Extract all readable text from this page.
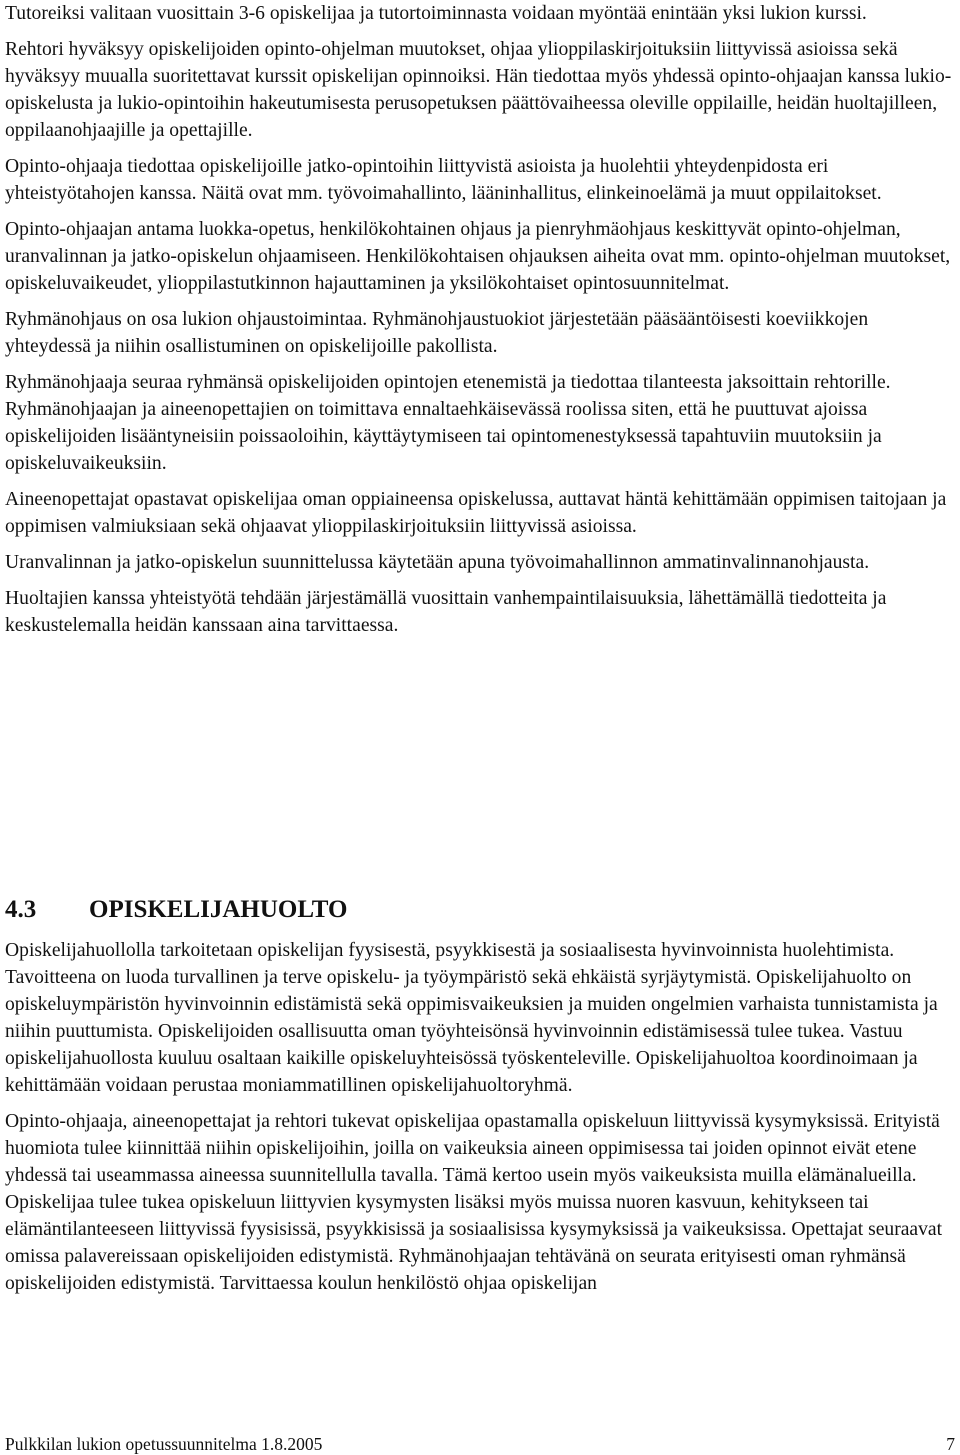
Tutoreiksi valitaan vuosittain 3-6 opiskelijaa ja tutortoiminnasta voidaan myöntää enintään yksi lukion kurssi.

Rehtori hyväksyy opiskelijoiden opinto-ohjelman muutokset, ohjaa ylioppilaskirjoituksiin liittyvissä asioissa sekä hyväksyy muualla suoritettavat kurssit opiskelijan opinnoiksi. Hän tiedottaa myös yhdessä opinto-ohjaajan kanssa lukio-opiskelusta ja lukio-opintoihin hakeutumisesta perusopetuksen päättövaiheessa oleville oppilaille, heidän huoltajilleen, oppilaanohjaajille ja opettajille.

Opinto-ohjaaja tiedottaa opiskelijoille jatko-opintoihin liittyvistä asioista ja huolehtii yhteydenpidosta eri yhteistyötahojen kanssa. Näitä ovat mm. työvoimahallinto, lääninhallitus, elinkeinoelämä ja muut oppilaitokset.

Opinto-ohjaajan antama luokka-opetus, henkilökohtainen ohjaus ja pienryhmäohjaus keskittyvät opinto-ohjelman, uranvalinnan ja jatko-opiskelun ohjaamiseen. Henkilökohtaisen ohjauksen aiheita ovat mm. opinto-ohjelman muutokset, opiskeluvaikeudet, ylioppilastutkinnon hajauttaminen ja yksilökohtaiset opintosuunnitelmat.

Ryhmänohjaus on osa lukion ohjaustoimintaa. Ryhmänohjaustuokiot järjestetään pääsääntöisesti koeviikkojen yhteydessä ja niihin osallistuminen on opiskelijoille pakollista.

Ryhmänohjaaja seuraa ryhmänsä opiskelijoiden opintojen etenemistä ja tiedottaa tilanteesta jaksoittain rehtorille. Ryhmänohjaajan ja aineenopettajien on toimittava ennaltaehkäisevässä roolissa siten, että he puuttuvat ajoissa opiskelijoiden lisääntyneisiin poissaoloihin, käyttäytymiseen tai opintomenestyksessä tapahtuviin muutoksiin ja opiskeluvaikeuksiin.

Aineenopettajat opastavat opiskelijaa oman oppiaineensa opiskelussa, auttavat häntä kehittämään oppimisen taitojaan ja oppimisen valmiuksiaan sekä ohjaavat ylioppilaskirjoituksiin liittyvissä asioissa.

Uranvalinnan ja jatko-opiskelun suunnittelussa käytetään apuna työvoimahallinnon ammatinvalinnanohjausta.

Huoltajien kanssa yhteistyötä tehdään järjestämällä vuosittain vanhempaintilaisuuksia, lähettämällä tiedotteita ja keskustelemalla heidän kanssaan aina tarvittaessa.

4.3 OPISKELIJAHUOLTO

Opiskelijahuollolla tarkoitetaan opiskelijan fyysisestä, psyykkisestä ja sosiaalisesta hyvinvoinnista huolehtimista. Tavoitteena on luoda turvallinen ja terve opiskelu- ja työympäristö sekä ehkäistä syrjäytymistä. Opiskelijahuolto on opiskeluympäristön hyvinvoinnin edistämistä sekä oppimisvaikeuksien ja muiden ongelmien varhaista tunnistamista ja niihin puuttumista. Opiskelijoiden osallisuutta oman työyhteisönsä hyvinvoinnin edistämisessä tulee tukea. Vastuu opiskelijahuollosta kuuluu osaltaan kaikille opiskeluyhteisössä työskenteleville. Opiskelijahuoltoa koordinoimaan ja kehittämään voidaan perustaa moniammatillinen opiskelijahuoltoryhmä.

Opinto-ohjaaja, aineenopettajat ja rehtori tukevat opiskelijaa opastamalla opiskeluun liittyvissä kysymyksissä. Erityistä huomiota tulee kiinnittää niihin opiskelijoihin, joilla on vaikeuksia aineen oppimisessa tai joiden opinnot eivät etene yhdessä tai useammassa aineessa suunnitellulla tavalla. Tämä kertoo usein myös vaikeuksista muilla elämänalueilla. Opiskelijaa tulee tukea opiskeluun liittyvien kysymysten lisäksi myös muissa nuoren kasvuun, kehitykseen tai elämäntilanteeseen liittyvissä fyysisissä, psyykkisissä ja sosiaalisissa kysymyksissä ja vaikeuksissa. Opettajat seuraavat omissa palavereissaan opiskelijoiden edistymistä. Ryhmänohjaajan tehtävänä on seurata erityisesti oman ryhmänsä opiskelijoiden edistymistä. Tarvittaessa koulun henkilöstö ohjaa opiskelijan

Pulkkilan lukion opetussuunnitelma 1.8.2005	7
